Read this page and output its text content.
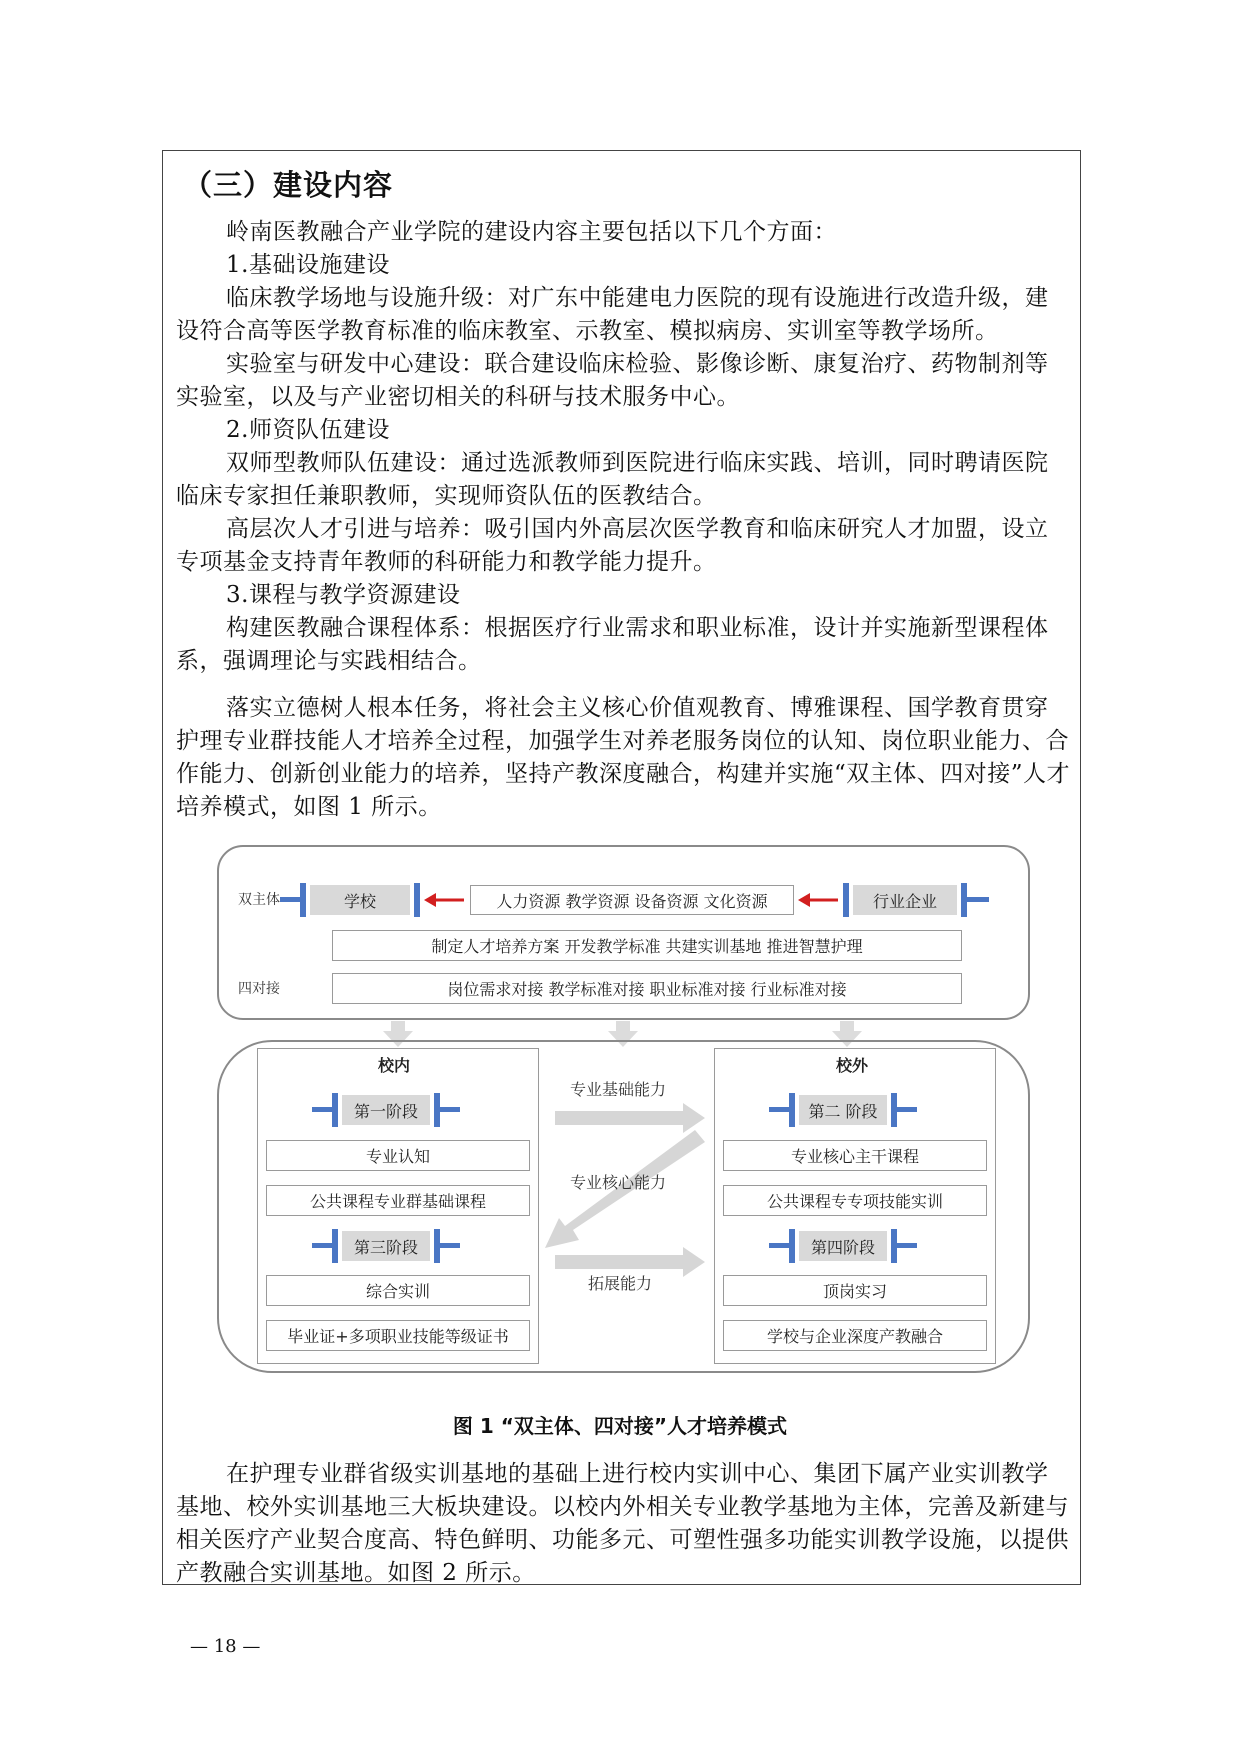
（三）建设内容

岭南医教融合产业学院的建设内容主要包括以下几个方面：

1.基础设施建设

临床教学场地与设施升级：对广东中能建电力医院的现有设施进行改造升级，建设符合高等医学教育标准的临床教室、示教室、模拟病房、实训室等教学场所。

实验室与研发中心建设：联合建设临床检验、影像诊断、康复治疗、药物制剂等实验室，以及与产业密切相关的科研与技术服务中心。

2.师资队伍建设

双师型教师队伍建设：通过选派教师到医院进行临床实践、培训，同时聘请医院临床专家担任兼职教师，实现师资队伍的医教结合。

高层次人才引进与培养：吸引国内外高层次医学教育和临床研究人才加盟，设立专项基金支持青年教师的科研能力和教学能力提升。

3.课程与教学资源建设

构建医教融合课程体系：根据医疗行业需求和职业标准，设计并实施新型课程体系，强调理论与实践相结合。

落实立德树人根本任务，将社会主义核心价值观教育、博雅课程、国学教育贯穿护理专业群技能人才培养全过程，加强学生对养老服务岗位的认知、岗位职业能力、合作能力、创新创业能力的培养，坚持产教深度融合，构建并实施“双主体、四对接”人才培养模式，如图 1 所示。

双主体
四对接
学校	人力资源 教学资源 设备资源 文化资源	行业企业
制定人才培养方案 开发教学标准 共建实训基地 推进智慧护理
岗位需求对接 教学标准对接 职业标准对接 行业标准对接
校内
第一阶段
专业认知
公共课程专业群基础课程
第三阶段
综合实训
毕业证+多项职业技能等级证书
校外
第二 阶段
专业核心主干课程
公共课程专专项技能实训
第四阶段
顶岗实习
学校与企业深度产教融合
专业基础能力
专业核心能力
拓展能力
图 1 “双主体、四对接”人才培养模式

在护理专业群省级实训基地的基础上进行校内实训中心、集团下属产业实训教学基地、校外实训基地三大板块建设。以校内外相关专业教学基地为主体，完善及新建与相关医疗产业契合度高、特色鲜明、功能多元、可塑性强多功能实训教学设施，以提供产教融合实训基地。如图 2 所示。

— 18 —
